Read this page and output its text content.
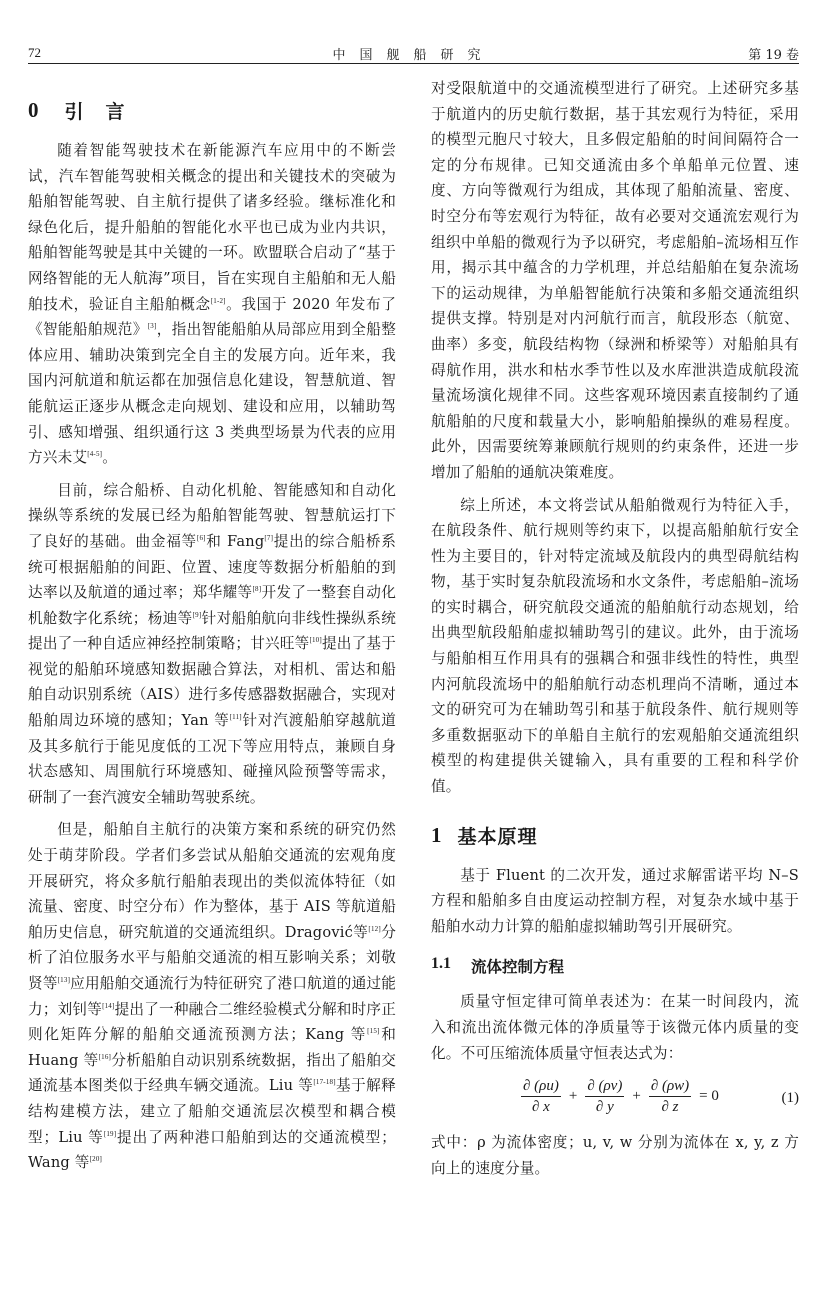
72	中国舰船研究	第 19 卷
0 引言

随着智能驾驶技术在新能源汽车应用中的不断尝试，汽车智能驾驶相关概念的提出和关键技术的突破为船舶智能驾驶、自主航行提供了诸多经验。继标准化和绿色化后，提升船舶的智能化水平也已成为业内共识，船舶智能驾驶是其中关键的一环。欧盟联合启动了“基于网络智能的无人航海”项目，旨在实现自主船舶和无人船舶技术，验证自主船舶概念[1-2]。我国于 2020 年发布了《智能船舶规范》[3]，指出智能船舶从局部应用到全船整体应用、辅助决策到完全自主的发展方向。近年来，我国内河航道和航运都在加强信息化建设，智慧航道、智能航运正逐步从概念走向规划、建设和应用，以辅助驾引、感知增强、组织通行这 3 类典型场景为代表的应用方兴未艾[4-5]。

目前，综合船桥、自动化机舱、智能感知和自动化操纵等系统的发展已经为船舶智能驾驶、智慧航运打下了良好的基础。曲金福等[6]和 Fang[7]提出的综合船桥系统可根据船舶的间距、位置、速度等数据分析船舶的到达率以及航道的通过率；郑华耀等[8]开发了一整套自动化机舱数字化系统；杨迪等[9]针对船舶航向非线性操纵系统提出了一种自适应神经控制策略；甘兴旺等[10]提出了基于视觉的船舶环境感知数据融合算法，对相机、雷达和船舶自动识别系统（AIS）进行多传感器数据融合，实现对船舶周边环境的感知；Yan 等[11]针对汽渡船舶穿越航道及其多航行于能见度低的工况下等应用特点，兼顾自身状态感知、周围航行环境感知、碰撞风险预警等需求，研制了一套汽渡安全辅助驾驶系统。

但是，船舶自主航行的决策方案和系统的研究仍然处于萌芽阶段。学者们多尝试从船舶交通流的宏观角度开展研究，将众多航行船舶表现出的类似流体特征（如流量、密度、时空分布）作为整体，基于 AIS 等航道船舶历史信息，研究航道的交通流组织。Dragović等[12]分析了泊位服务水平与船舶交通流的相互影响关系；刘敬贤等[13]应用船舶交通流行为特征研究了港口航道的通过能力；刘钊等[14]提出了一种融合二维经验模式分解和时序正则化矩阵分解的船舶交通流预测方法；Kang 等[15]和 Huang 等[16]分析船舶自动识别系统数据，指出了船舶交通流基本图类似于经典车辆交通流。Liu 等[17-18]基于解释结构建模方法，建立了船舶交通流层次模型和耦合模型；Liu 等[19]提出了两种港口船舶到达的交通流模型；Wang 等[20]

对受限航道中的交通流模型进行了研究。上述研究多基于航道内的历史航行数据，基于其宏观行为特征，采用的模型元胞尺寸较大，且多假定船舶的时间间隔符合一定的分布规律。已知交通流由多个单船单元位置、速度、方向等微观行为组成，其体现了船舶流量、密度、时空分布等宏观行为特征，故有必要对交通流宏观行为组织中单船的微观行为予以研究，考虑船舶–流场相互作用，揭示其中蕴含的力学机理，并总结船舶在复杂流场下的运动规律，为单船智能航行决策和多船交通流组织提供支撑。特别是对内河航行而言，航段形态（航宽、曲率）多变，航段结构物（绿洲和桥梁等）对船舶具有碍航作用，洪水和枯水季节性以及水库泄洪造成航段流量流场演化规律不同。这些客观环境因素直接制约了通航船舶的尺度和载量大小，影响船舶操纵的难易程度。此外，因需要统筹兼顾航行规则的约束条件，还进一步增加了船舶的通航决策难度。

综上所述，本文将尝试从船舶微观行为特征入手，在航段条件、航行规则等约束下，以提高船舶航行安全性为主要目的，针对特定流域及航段内的典型碍航结构物，基于实时复杂航段流场和水文条件，考虑船舶–流场的实时耦合，研究航段交通流的船舶航行动态规划，给出典型航段船舶虚拟辅助驾引的建议。此外，由于流场与船舶相互作用具有的强耦合和强非线性的特性，典型内河航段流场中的船舶航行动态机理尚不清晰，通过本文的研究可为在辅助驾引和基于航段条件、航行规则等多重数据驱动下的单船自主航行的宏观船舶交通流组织模型的构建提供关键输入，具有重要的工程和科学价值。

1 基本原理

基于 Fluent 的二次开发，通过求解雷诺平均 N–S 方程和船舶多自由度运动控制方程，对复杂水域中基于船舶水动力计算的船舶虚拟辅助驾引开展研究。

1.1 流体控制方程

质量守恒定律可简单表述为：在某一时间段内，流入和流出流体微元体的净质量等于该微元体内质量的变化。不可压缩流体质量守恒表达式为：

$\frac{\partial (\rho u)}{\partial x} + \frac{\partial (\rho v)}{\partial y} + \frac{\partial (\rho w)}{\partial z} = 0$	(1)

式中：ρ 为流体密度；u, v, w 分别为流体在 x, y, z 方向上的速度分量。
